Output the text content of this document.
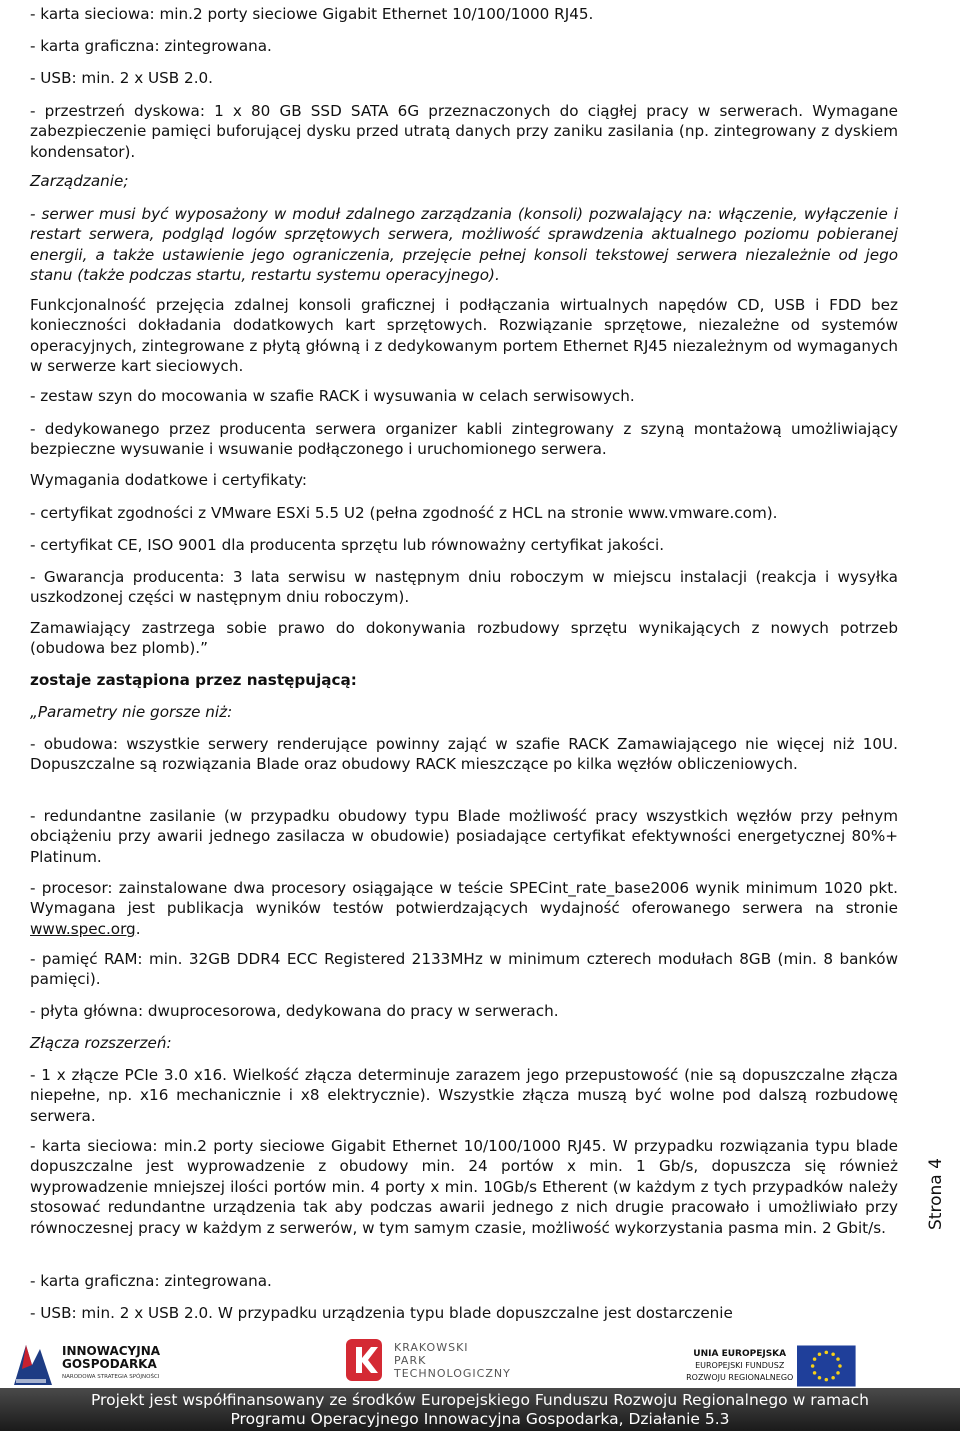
- karta sieciowa: min.2 porty sieciowe Gigabit Ethernet 10/100/1000 RJ45.
- karta graficzna: zintegrowana.
- USB: min. 2 x USB 2.0.

- przestrzeń dyskowa: 1 x 80 GB SSD SATA 6G przeznaczonych do ciągłej pracy w serwerach. Wymagane zabezpieczenie pamięci buforującej dysku przed utratą danych przy zaniku zasilania (np. zintegrowany z dyskiem kondensator).

Zarządzanie;

- serwer musi być wyposażony w moduł zdalnego zarządzania (konsoli) pozwalający na: włączenie, wyłączenie i restart serwera, podgląd logów sprzętowych serwera, możliwość sprawdzenia aktualnego poziomu pobieranej energii, a także ustawienie jego ograniczenia, przejęcie pełnej konsoli tekstowej serwera niezależnie od jego stanu (także podczas startu, restartu systemu operacyjnego).

Funkcjonalność przejęcia zdalnej konsoli graficznej i podłączania wirtualnych napędów CD, USB i FDD bez konieczności dokładania dodatkowych kart sprzętowych. Rozwiązanie sprzętowe, niezależne od systemów operacyjnych, zintegrowane z płytą główną i z dedykowanym portem Ethernet RJ45 niezależnym od wymaganych w serwerze kart sieciowych.

- zestaw szyn do mocowania w szafie RACK i wysuwania w celach serwisowych.

- dedykowanego przez producenta serwera organizer kabli zintegrowany z szyną montażową umożliwiający bezpieczne wysuwanie i wsuwanie podłączonego i uruchomionego serwera.

Wymagania dodatkowe i certyfikaty:

- certyfikat zgodności z VMware ESXi 5.5 U2 (pełna zgodność z HCL na stronie www.vmware.com).

- certyfikat CE, ISO 9001 dla producenta sprzętu lub równoważny certyfikat jakości.

- Gwarancja producenta: 3 lata serwisu w następnym dniu roboczym w miejscu instalacji (reakcja i wysyłka uszkodzonej części w następnym dniu roboczym).

Zamawiający zastrzega sobie prawo do dokonywania rozbudowy sprzętu wynikających z nowych potrzeb (obudowa bez plomb).”

zostaje zastąpiona przez następującą:

„Parametry nie gorsze niż:

- obudowa: wszystkie serwery renderujące powinny zająć w szafie RACK Zamawiającego nie więcej niż 10U. Dopuszczalne są rozwiązania Blade oraz obudowy RACK mieszczące po kilka węzłów obliczeniowych.

- redundantne zasilanie (w przypadku obudowy typu Blade możliwość pracy wszystkich węzłów przy pełnym obciążeniu przy awarii jednego zasilacza w obudowie) posiadające certyfikat efektywności energetycznej 80%+ Platinum.

- procesor: zainstalowane dwa procesory osiągające w teście SPECint_rate_base2006 wynik minimum 1020 pkt. Wymagana jest publikacja wyników testów potwierdzających wydajność oferowanego serwera na stronie www.spec.org.

- pamięć RAM: min. 32GB DDR4 ECC Registered 2133MHz w minimum czterech modułach 8GB (min. 8 banków pamięci).

- płyta główna: dwuprocesorowa, dedykowana do pracy w serwerach.

Złącza rozszerzeń:

- 1 x złącze PCIe 3.0 x16. Wielkość złącza determinuje zarazem jego przepustowość (nie są dopuszczalne złącza niepełne, np. x16 mechanicznie i x8 elektrycznie). Wszystkie złącza muszą być wolne pod dalszą rozbudowę serwera.

- karta sieciowa: min.2 porty sieciowe Gigabit Ethernet 10/100/1000 RJ45. W przypadku rozwiązania typu blade dopuszczalne jest wyprowadzenie z obudowy min. 24 portów x min. 1 Gb/s, dopuszcza się również wyprowadzenie mniejszej ilości portów min. 4 porty x min. 10Gb/s Etherent (w każdym z tych przypadków należy stosować redundantne urządzenia tak aby podczas awarii jednego z nich drugie pracowało i umożliwiało przy równoczesnej pracy w każdym z serwerów, w tym samym czasie, możliwość wykorzystania pasma min. 2 Gbit/s.

- karta graficzna: zintegrowana.

- USB: min. 2 x USB 2.0. W przypadku urządzenia typu blade dopuszczalne jest dostarczenie

Strona 4
INNOWACYJNA
GOSPODARKA
NARODOWA STRATEGIA SPÓJNOŚCI
KRAKOWSKI
PARK
TECHNOLOGICZNY
UNIA EUROPEJSKA
EUROPEJSKI FUNDUSZ
ROZWOJU REGIONALNEGO
Projekt jest współfinansowany ze środków Europejskiego Funduszu Rozwoju Regionalnego w ramach
Programu Operacyjnego Innowacyjna Gospodarka, Działanie 5.3
